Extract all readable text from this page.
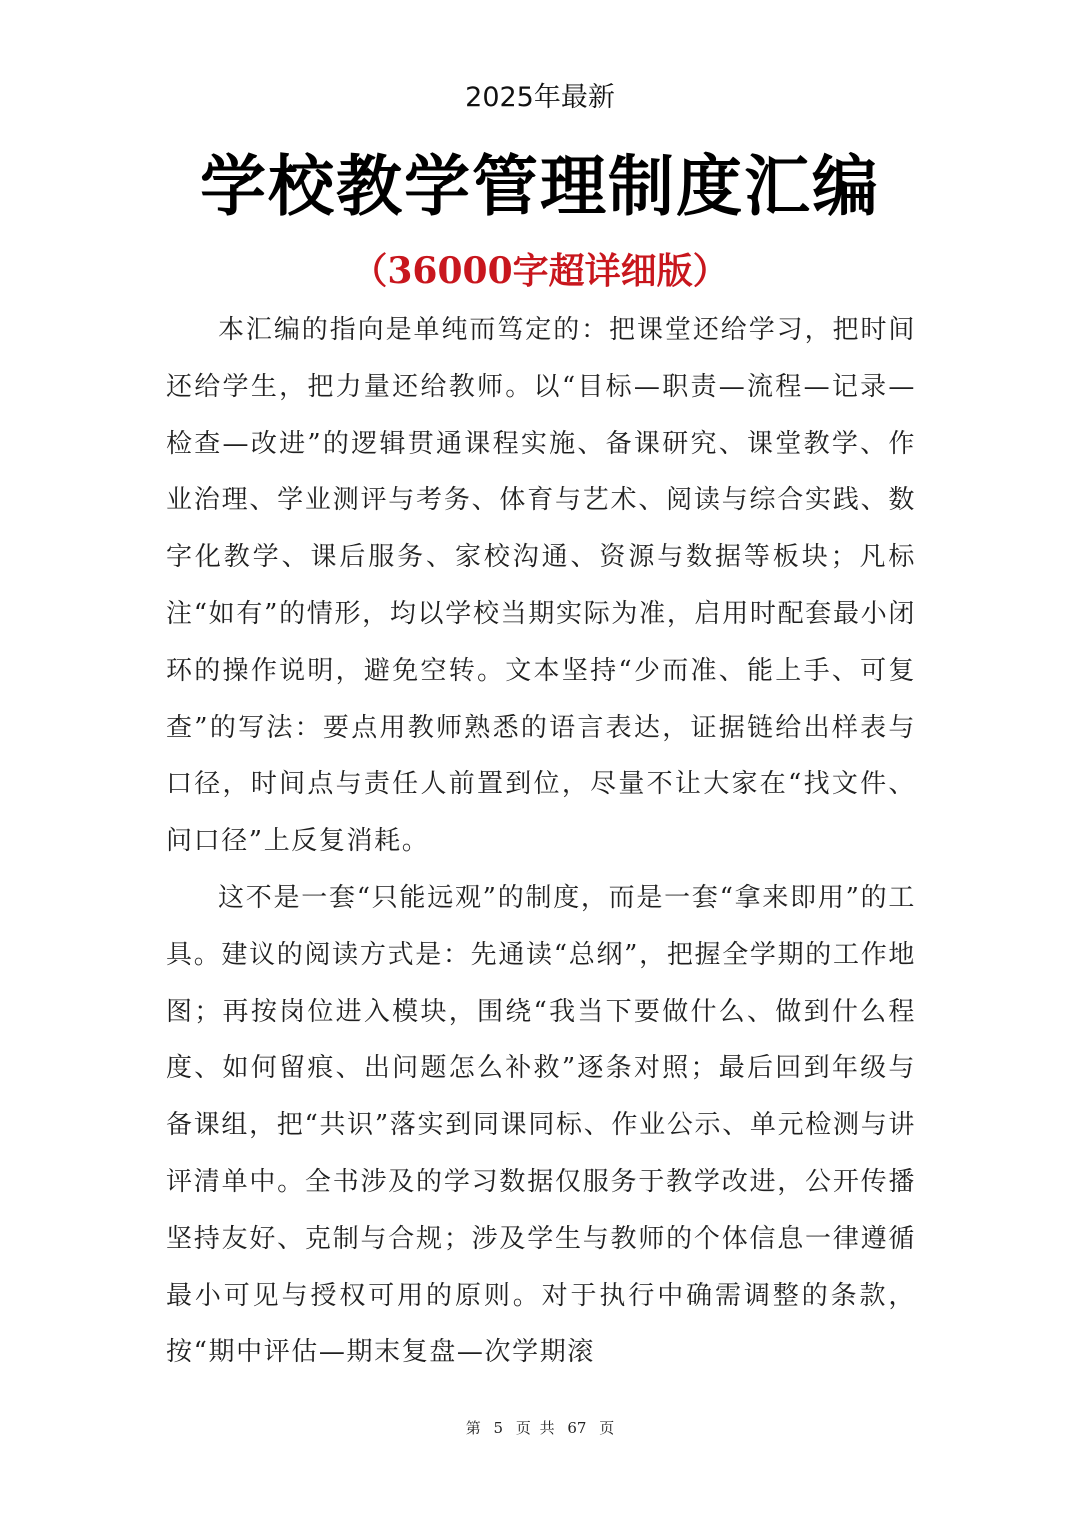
2025年最新
学校教学管理制度汇编
（36000字超详细版）

本汇编的指向是单纯而笃定的：把课堂还给学习，把时间还给学生，把力量还给教师。以“目标—职责—流程—记录—检查—改进”的逻辑贯通课程实施、备课研究、课堂教学、作业治理、学业测评与考务、体育与艺术、阅读与综合实践、数字化教学、课后服务、家校沟通、资源与数据等板块；凡标注“如有”的情形，均以学校当期实际为准，启用时配套最小闭环的操作说明，避免空转。文本坚持“少而准、能上手、可复查”的写法：要点用教师熟悉的语言表达，证据链给出样表与口径，时间点与责任人前置到位，尽量不让大家在“找文件、问口径”上反复消耗。

这不是一套“只能远观”的制度，而是一套“拿来即用”的工具。建议的阅读方式是：先通读“总纲”，把握全学期的工作地图；再按岗位进入模块，围绕“我当下要做什么、做到什么程度、如何留痕、出问题怎么补救”逐条对照；最后回到年级与备课组，把“共识”落实到同课同标、作业公示、单元检测与讲评清单中。全书涉及的学习数据仅服务于教学改进，公开传播坚持友好、克制与合规；涉及学生与教师的个体信息一律遵循最小可见与授权可用的原则。对于执行中确需调整的条款，按“期中评估—期末复盘—次学期滚

第 5 页 共 67 页
